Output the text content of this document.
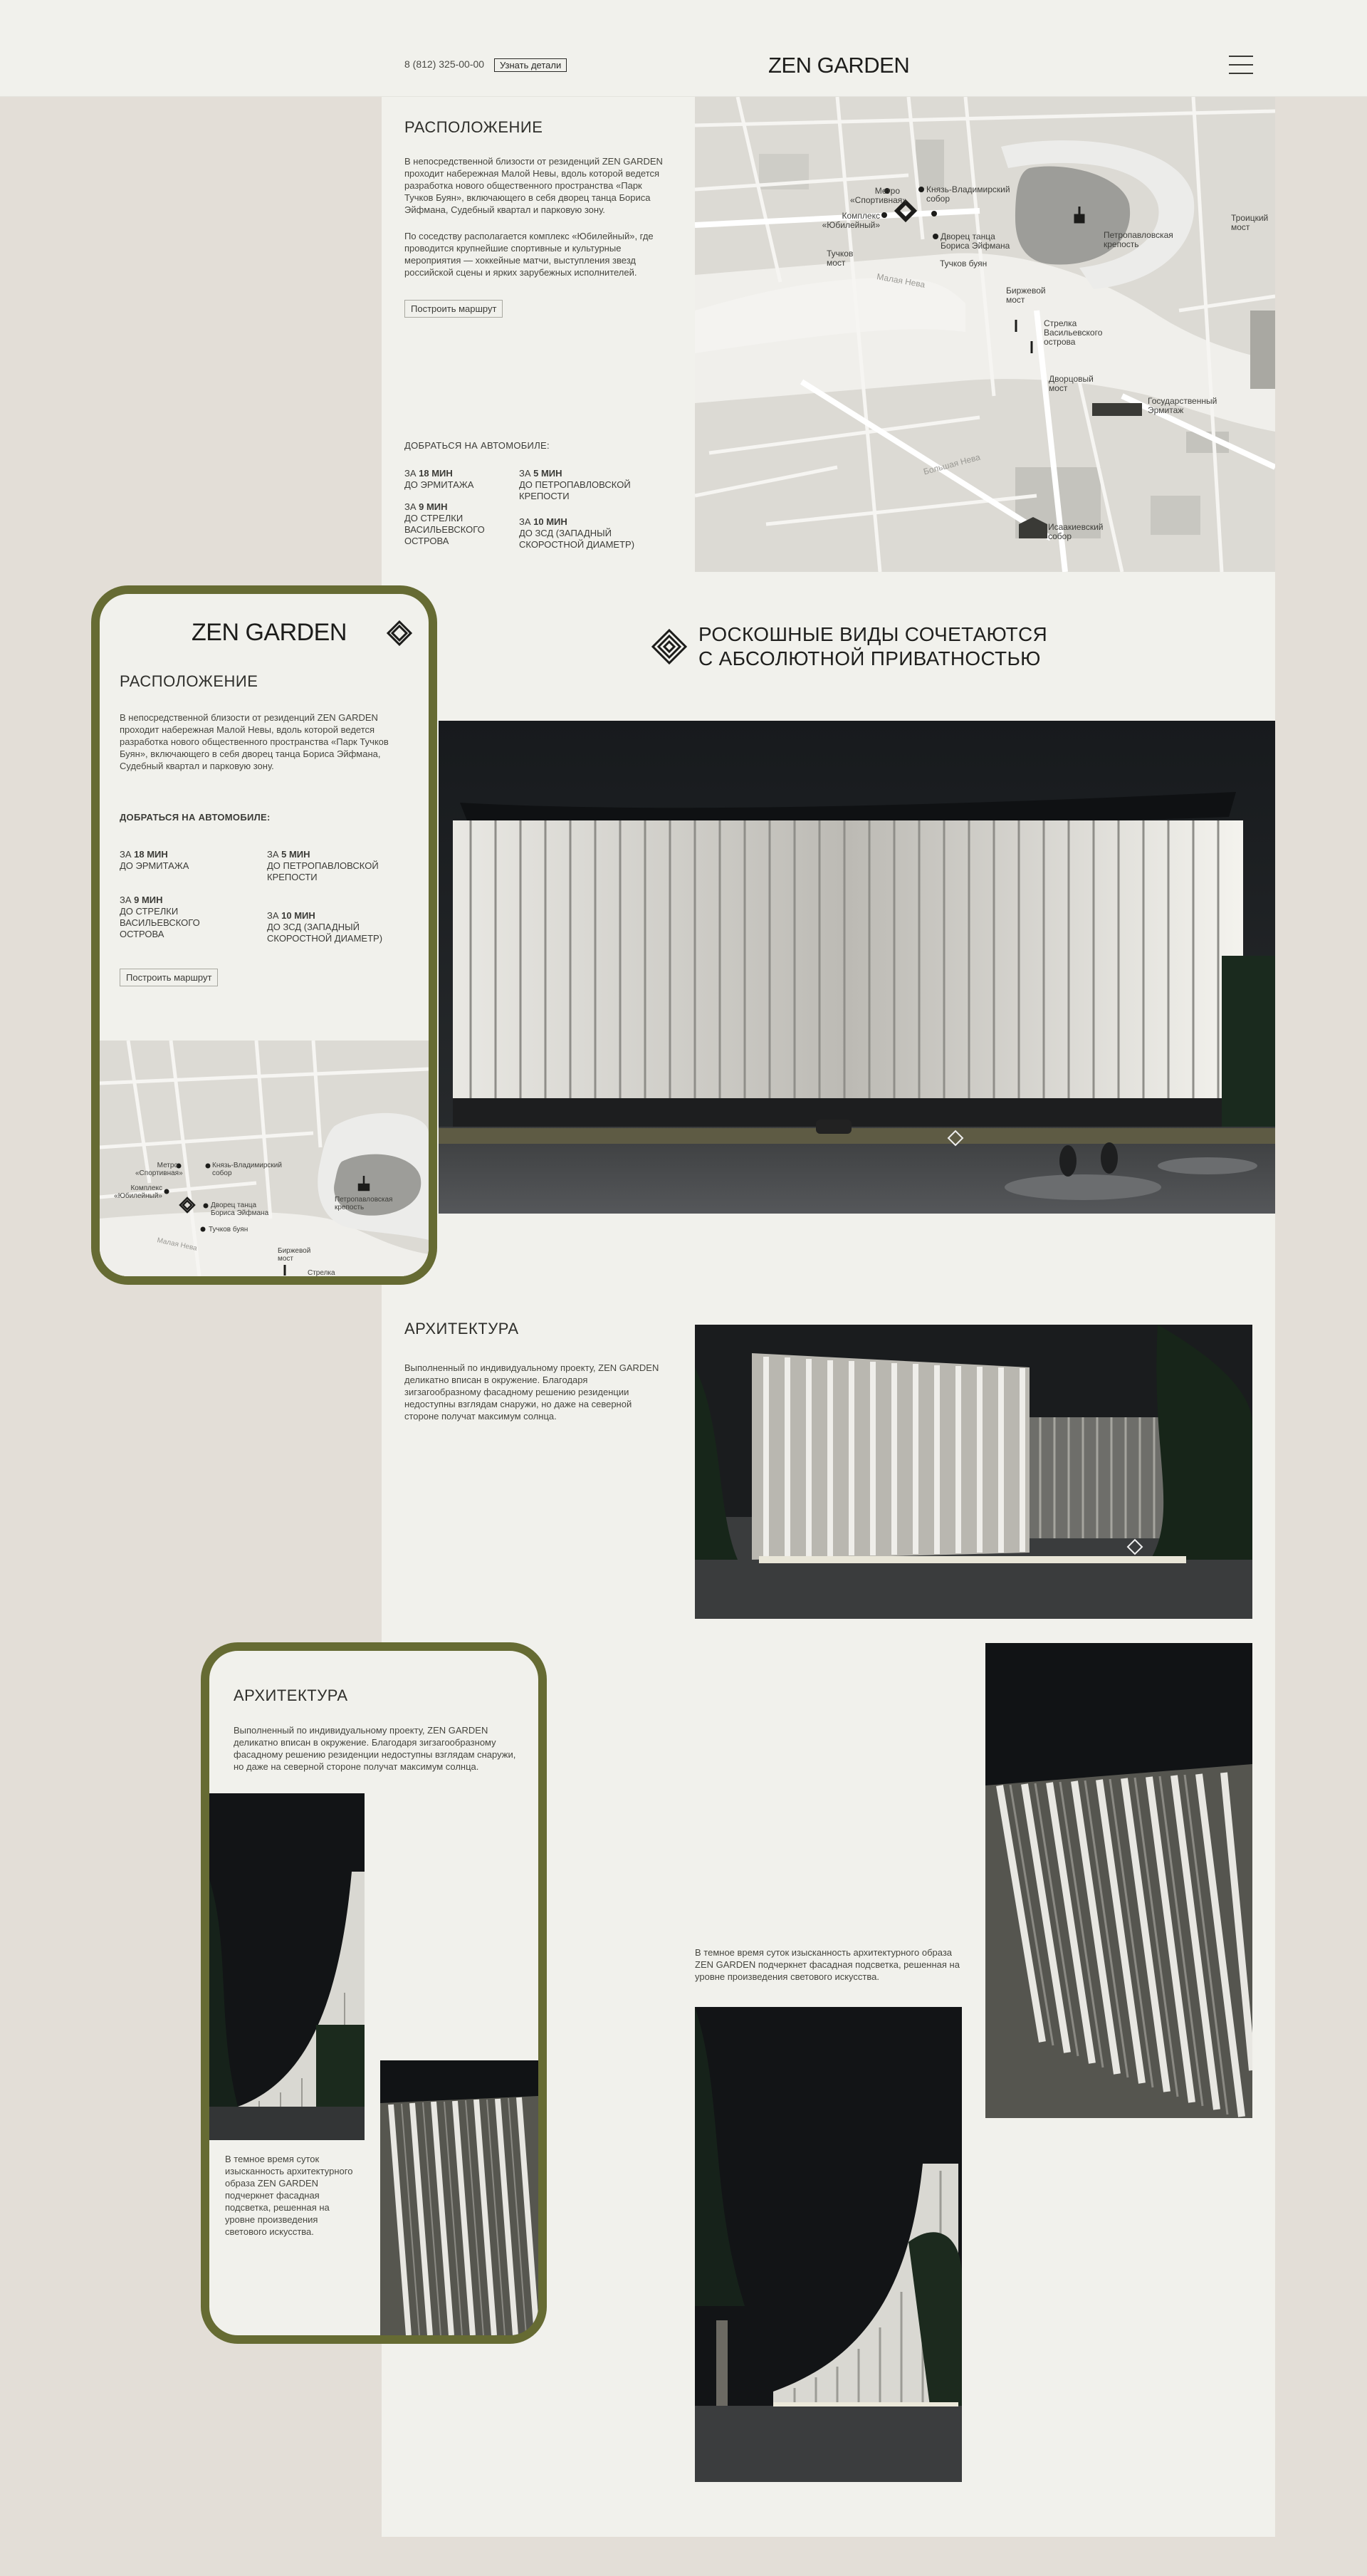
8 (812) 325-00-00	Узнать детали	ZEN GARDEN
РАСПОЛОЖЕНИЕ
В непосредственной близости от резиденций ZEN GARDEN проходит набережная Малой Невы, вдоль которой ведется разработка нового общественного пространства «Парк Тучков Буян», включающего в себя дворец танца Бориса Эйфмана, Судебный квартал и парковую зону.
По соседству располагается комплекс «Юбилейный», где проводится крупнейшие спортивные и культурные мероприятия — хоккейные матчи, выступления звезд российской сцены и ярких зарубежных исполнителей.
Построить маршрут
ДОБРАТЬСЯ НА АВТОМОБИЛЕ:
ЗА 18 МИН
ДО ЭРМИТАЖА
ЗА 5 МИН
ДО ПЕТРОПАВЛОВСКОЙ КРЕПОСТИ
ЗА 9 МИН
ДО СТРЕЛКИ ВАСИЛЬЕВСКОГО ОСТРОВА
ЗА 10 МИН
ДО ЗСД (ЗАПАДНЫЙ СКОРОСТНОЙ ДИАМЕТР)
Метро «Спортивная»
Князь-Владимирский собор
Комплекс «Юбилейный»
Дворец танца Бориса Эйфмана
Тучков мост	Тучков буян
Малая Нева
Петропавловская крепость
Троицкий мост
Биржевой мост
Стрелка Васильевского острова
Дворцовый мост
Государственный Эрмитаж
Большая Нева
Исаакиевский собор
РОСКОШНЫЕ ВИДЫ СОЧЕТАЮТСЯ
С АБСОЛЮТНОЙ ПРИВАТНОСТЬЮ
ZEN GARDEN
РАСПОЛОЖЕНИЕ
В непосредственной близости от резиденций ZEN GARDEN проходит набережная Малой Невы, вдоль которой ведется разработка нового общественного пространства «Парк Тучков Буян», включающего в себя дворец танца Бориса Эйфмана, Судебный квартал и парковую зону.
ДОБРАТЬСЯ НА АВТОМОБИЛЕ:
ЗА 18 МИН
ДО ЭРМИТАЖА
ЗА 5 МИН
ДО ПЕТРОПАВЛОВСКОЙ КРЕПОСТИ
ЗА 9 МИН
ДО СТРЕЛКИ ВАСИЛЬЕВСКОГО ОСТРОВА
ЗА 10 МИН
ДО ЗСД (ЗАПАДНЫЙ СКОРОСТНОЙ ДИАМЕТР)
Построить маршрут
Метро «Спортивная»
Князь-Владимирский собор
Комплекс «Юбилейный»
Дворец танца Бориса Эйфмана
Тучков буян
Малая Нева
Петропавловская крепость
Биржевой мост
Стрелка
АРХИТЕКТУРА
Выполненный по индивидуальному проекту, ZEN GARDEN деликатно вписан в окружение. Благодаря зигзагообразному фасадному решению резиденции недоступны взглядам снаружи, но даже на северной стороне получат максимум солнца.
В темное время суток изысканность архитектурного образа ZEN GARDEN подчеркнет фасадная подсветка, решенная на уровне произведения светового искусства.
АРХИТЕКТУРА
Выполненный по индивидуальному проекту, ZEN GARDEN деликатно вписан в окружение. Благодаря зигзагообразному фасадному решению резиденции недоступны взглядам снаружи, но даже на северной стороне получат максимум солнца.
В темное время суток изысканность архитектурного образа ZEN GARDEN подчеркнет фасадная подсветка, решенная на уровне произведения светового искусства.
